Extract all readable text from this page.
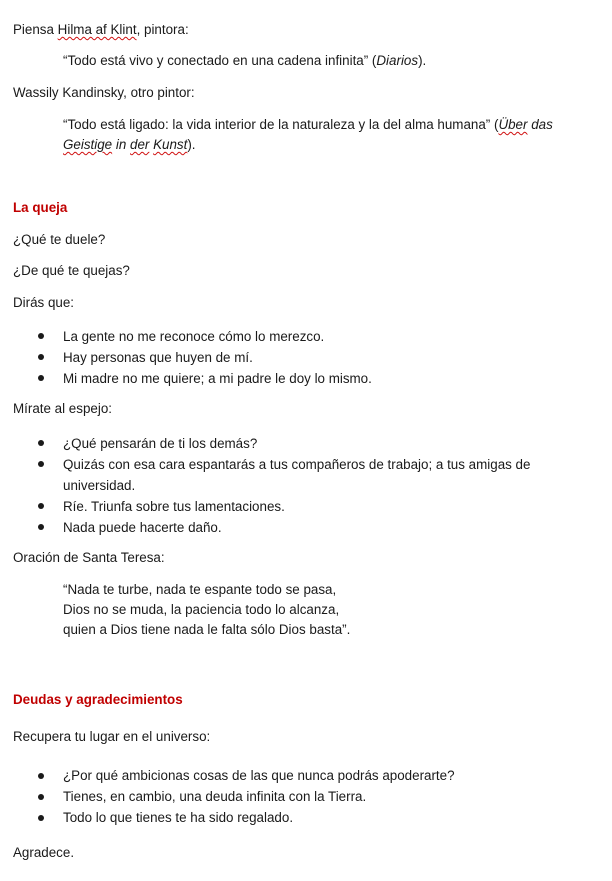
Piensa Hilma af Klint, pintora:
“Todo está vivo y conectado en una cadena infinita” (Diarios).
Wassily Kandinsky, otro pintor:
“Todo está ligado: la vida interior de la naturaleza y la del alma humana” (Über das
Geistige in der Kunst).
La queja
¿Qué te duele?
¿De qué te quejas?
Dirás que:
La gente no me reconoce cómo lo merezco.
Hay personas que huyen de mí.
Mi madre no me quiere; a mi padre le doy lo mismo.
Mírate al espejo:
¿Qué pensarán de ti los demás?
Quizás con esa cara espantarás a tus compañeros de trabajo; a tus amigas de
universidad.
Ríe. Triunfa sobre tus lamentaciones.
Nada puede hacerte daño.
Oración de Santa Teresa:
“Nada te turbe, nada te espante todo se pasa,
Dios no se muda, la paciencia todo lo alcanza,
quien a Dios tiene nada le falta sólo Dios basta”.
Deudas y agradecimientos
Recupera tu lugar en el universo:
¿Por qué ambicionas cosas de las que nunca podrás apoderarte?
Tienes, en cambio, una deuda infinita con la Tierra.
Todo lo que tienes te ha sido regalado.
Agradece.
